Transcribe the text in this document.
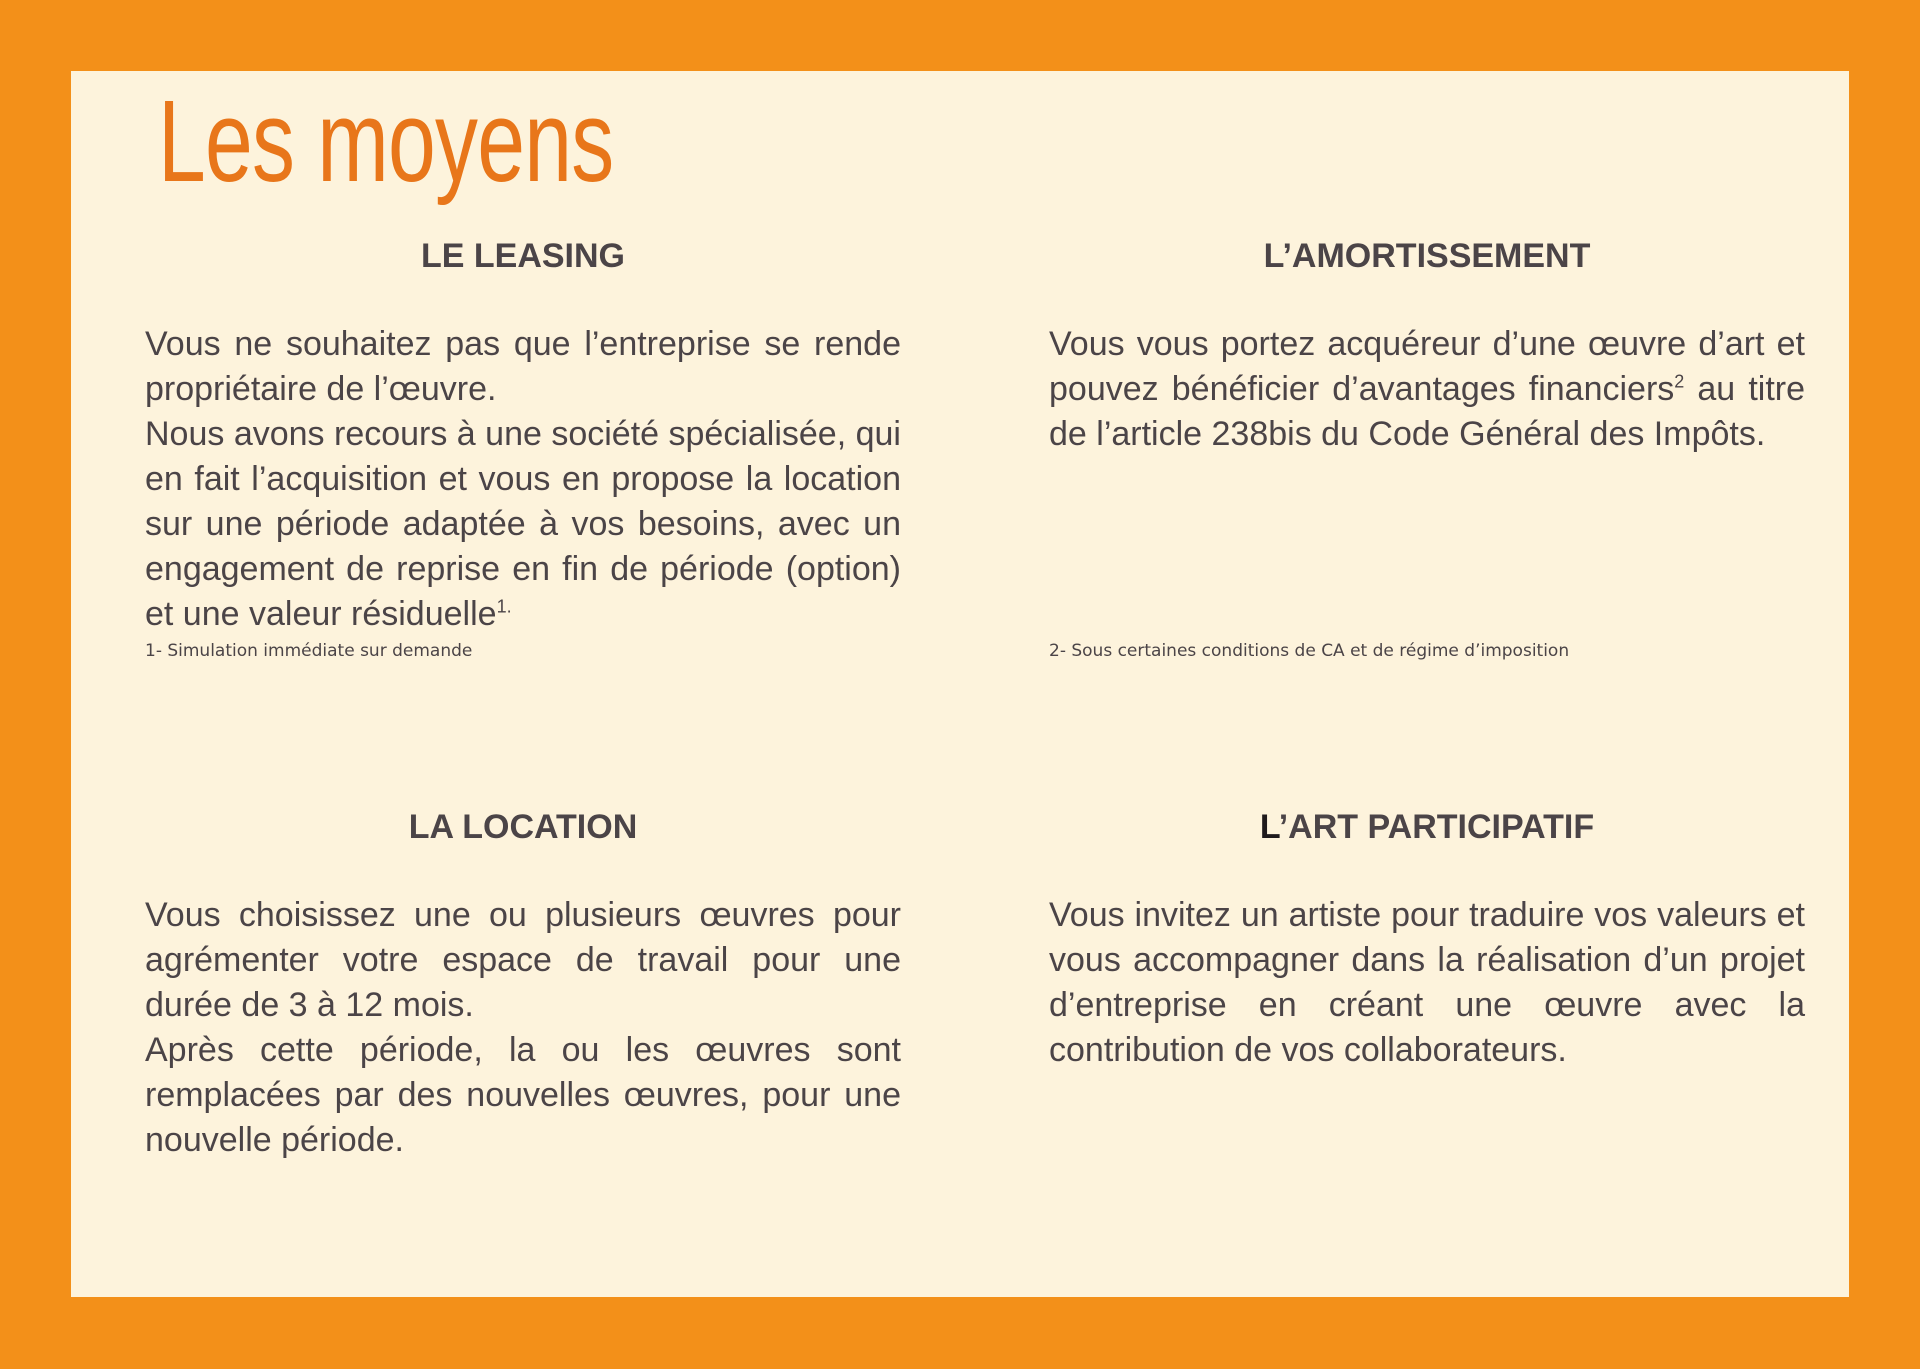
Les moyens
LE LEASING

Vous ne souhaitez pas que l’entreprise se rende propriétaire de l’œuvre.

Nous avons recours à une société spécialisée, qui en fait l’acquisition et vous en propose la location sur une période adaptée à vos besoins, avec un engagement de reprise en fin de période (option) et une valeur résiduelle$^{1.}$

1- Simulation immédiate sur demande
L’AMORTISSEMENT

Vous vous portez acquéreur d’une œuvre d’art et pouvez bénéficier d’avantages financiers$^2$ au titre de l’article 238bis du Code Général des Impôts.

2- Sous certaines conditions de CA et de régime d’imposition
LA LOCATION

Vous choisissez une ou plusieurs œuvres pour agrémenter votre espace de travail pour une durée de 3 à 12 mois.

Après cette période, la ou les œuvres sont remplacées par des nouvelles œuvres, pour une nouvelle période.

L’ART PARTICIPATIF

Vous invitez un artiste pour traduire vos valeurs et vous accompagner dans la réalisation d’un projet d’entreprise en créant une œuvre avec la contribution de vos collaborateurs.
